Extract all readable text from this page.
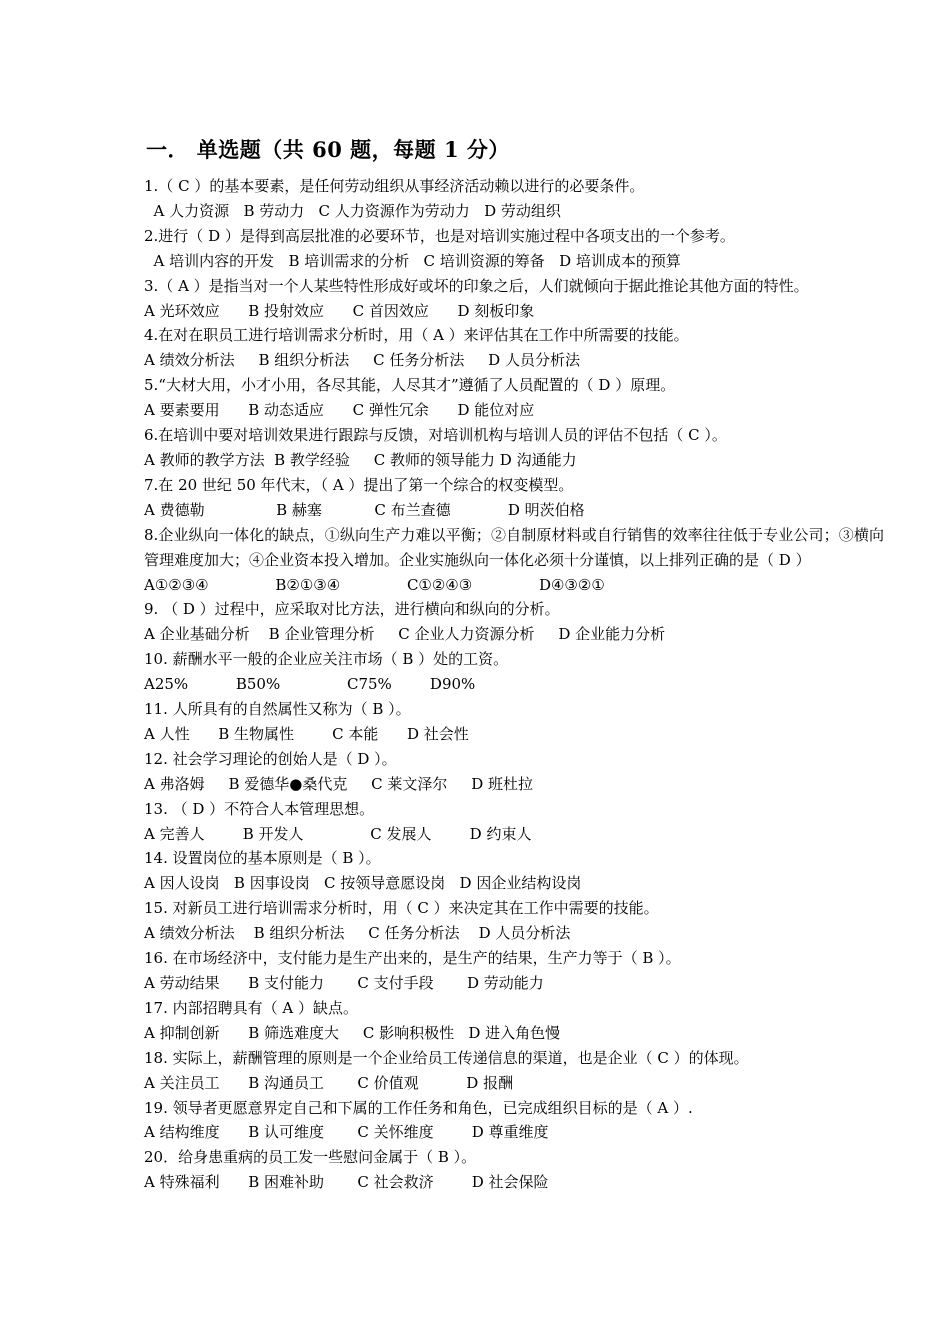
一． 单选题（共 60 题，每题 1 分）
1.（ C ）的基本要素，是任何劳动组织从事经济活动赖以进行的必要条件。
A 人力资源   B 劳动力   C 人力资源作为劳动力   D 劳动组织
2.进行（ D ）是得到高层批准的必要环节，也是对培训实施过程中各项支出的一个参考。
A 培训内容的开发   B 培训需求的分析   C 培训资源的筹备   D 培训成本的预算
3.（ A ）是指当对一个人某些特性形成好或坏的印象之后，人们就倾向于据此推论其他方面的特性。
A 光环效应      B 投射效应      C 首因效应      D 刻板印象
4.在对在职员工进行培训需求分析时，用（ A ）来评估其在工作中所需要的技能。
A 绩效分析法     B 组织分析法     C 任务分析法     D 人员分析法
5.“大材大用，小才小用，各尽其能，人尽其才”遵循了人员配置的（ D ）原理。
A 要素要用      B 动态适应      C 弹性冗余      D 能位对应
6.在培训中要对培训效果进行跟踪与反馈，对培训机构与培训人员的评估不包括（ C ）。
A 教师的教学方法  B 教学经验     C 教师的领导能力 D 沟通能力
7.在 20 世纪 50 年代末，（ A ）提出了第一个综合的权变模型。
A 费德勒               B 赫塞           C 布兰查德            D 明茨伯格
8.企业纵向一体化的缺点，①纵向生产力难以平衡；②自制原材料或自行销售的效率往往低于专业公司；③横向管理难度加大；④企业资本投入增加。企业实施纵向一体化必须十分谨慎，以上排列正确的是（ D ）
A①②③④              B②①③④              C①②④③              D④③②①
9. （ D ）过程中，应采取对比方法，进行横向和纵向的分析。
A 企业基础分析    B 企业管理分析     C 企业人力资源分析     D 企业能力分析
10. 薪酬水平一般的企业应关注市场（ B ）处的工资。
A25%          B50%              C75%        D90%
11. 人所具有的自然属性又称为（ B ）。
A 人性      B 生物属性        C 本能      D 社会性
12. 社会学习理论的创始人是（ D ）。
A 弗洛姆     B 爱德华●桑代克     C 莱文泽尔     D 班杜拉
13. （ D ）不符合人本管理思想。
A 完善人        B 开发人              C 发展人        D 约束人
14. 设置岗位的基本原则是（ B ）。
A 因人设岗   B 因事设岗   C 按领导意愿设岗   D 因企业结构设岗
15. 对新员工进行培训需求分析时，用（ C ）来决定其在工作中需要的技能。
A 绩效分析法    B 组织分析法     C 任务分析法    D 人员分析法
16. 在市场经济中，支付能力是生产出来的，是生产的结果，生产力等于（ B ）。
A 劳动结果      B 支付能力       C 支付手段       D 劳动能力
17. 内部招聘具有（ A ）缺点。
A 抑制创新      B 筛选难度大     C 影响积极性   D 进入角色慢
18. 实际上，薪酬管理的原则是一个企业给员工传递信息的渠道，也是企业（ C ）的体现。
A 关注员工      B 沟通员工       C 价值观          D 报酬
19. 领导者更愿意界定自己和下属的工作任务和角色，已完成组织目标的是（ A ）.
A 结构维度      B 认可维度       C 关怀维度        D 尊重维度
20．给身患重病的员工发一些慰问金属于（ B ）。
A 特殊福利      B 困难补助       C 社会救济        D 社会保险
